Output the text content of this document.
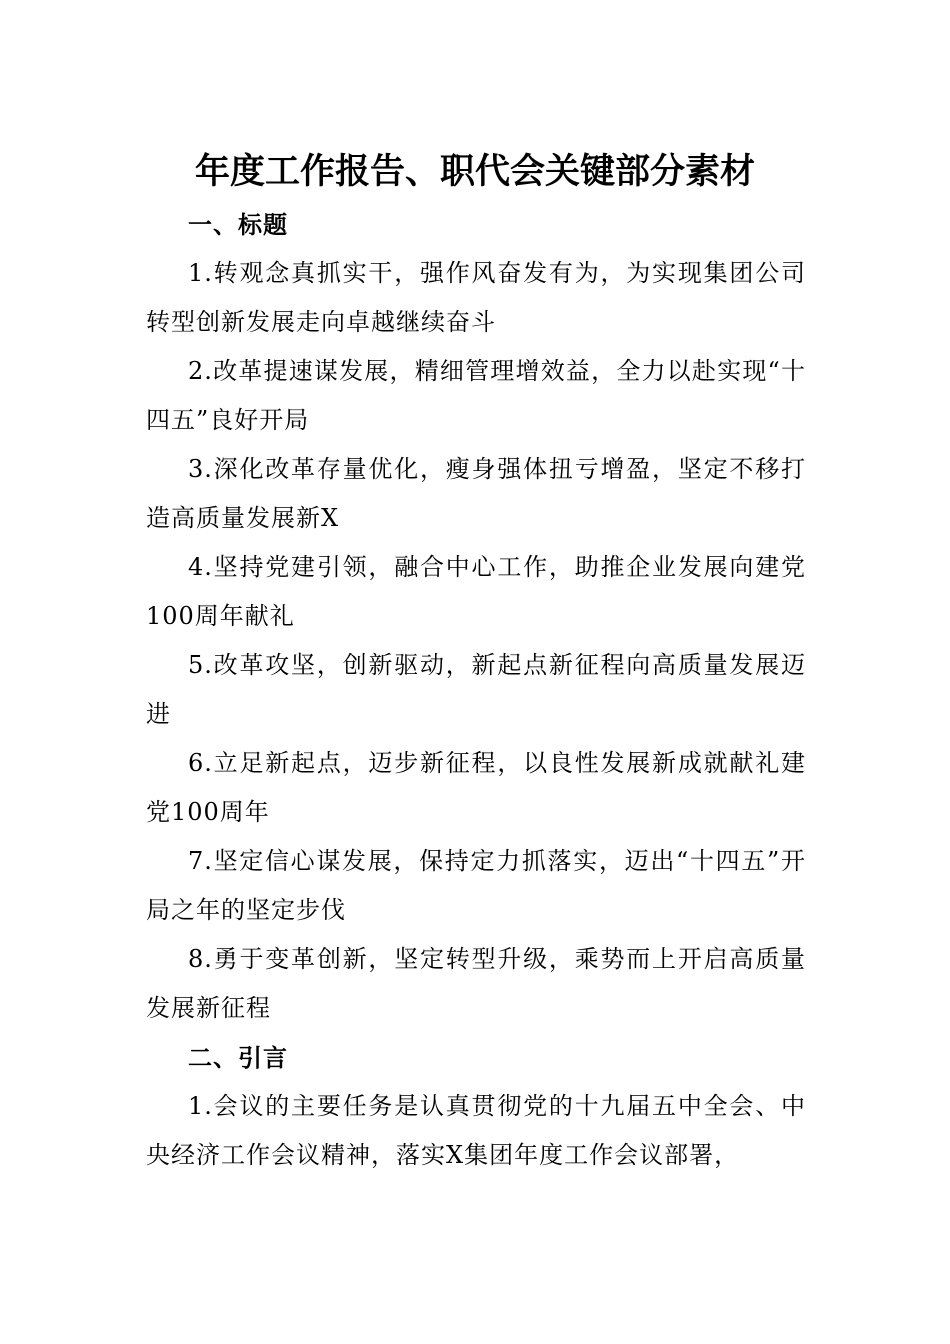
年度工作报告、职代会关键部分素材

一、标题

1.转观念真抓实干，强作风奋发有为，为实现集团公司转型创新发展走向卓越继续奋斗

2.改革提速谋发展，精细管理增效益，全力以赴实现“十四五”良好开局

3.深化改革存量优化，瘦身强体扭亏增盈，坚定不移打造高质量发展新X

4.坚持党建引领，融合中心工作，助推企业发展向建党100周年献礼

5.改革攻坚，创新驱动，新起点新征程向高质量发展迈进

6.立足新起点，迈步新征程，以良性发展新成就献礼建党100周年

7.坚定信心谋发展，保持定力抓落实，迈出“十四五”开局之年的坚定步伐

8.勇于变革创新，坚定转型升级，乘势而上开启高质量发展新征程

二、引言

1.会议的主要任务是认真贯彻党的十九届五中全会、中央经济工作会议精神，落实X集团年度工作会议部署，
